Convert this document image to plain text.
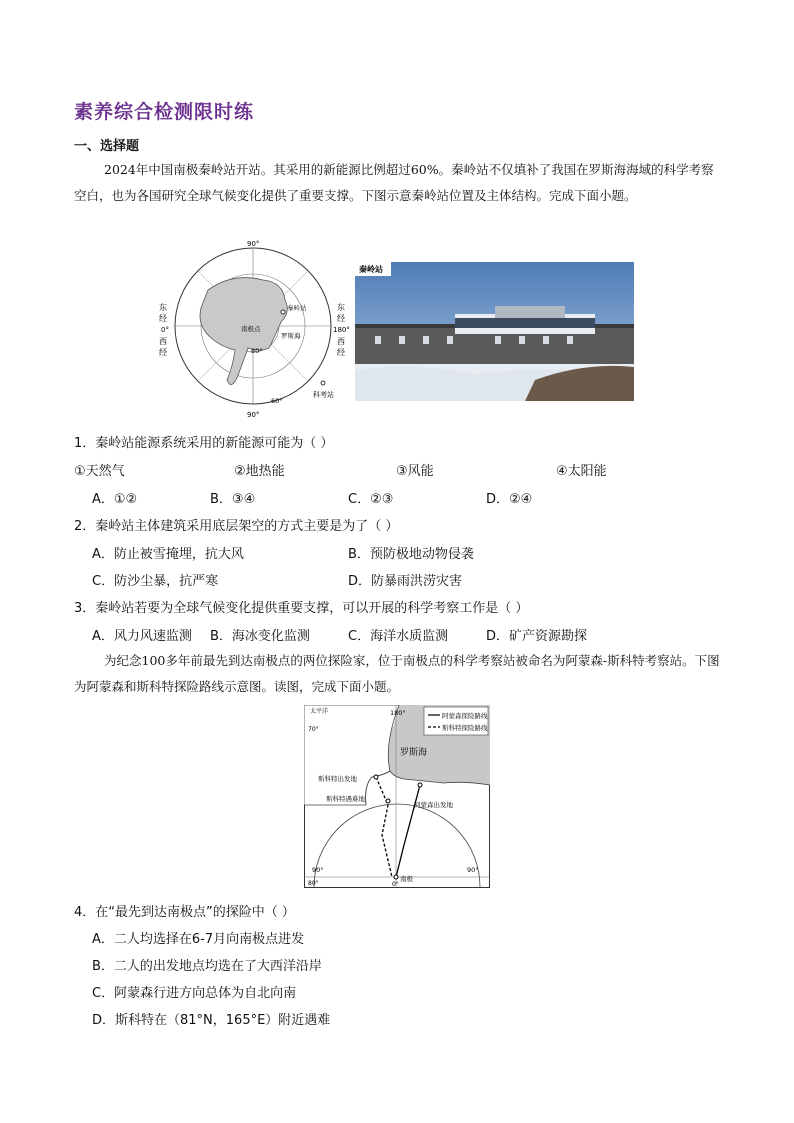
素养综合检测限时练
一、选择题

2024年中国南极秦岭站开站。其采用的新能源比例超过60%。秦岭站不仅填补了我国在罗斯海海域的科学考察空白，也为各国研究全球气候变化提供了重要支撑。下图示意秦岭站位置及主体结构。完成下面小题。

90°
90°
东
经
0°
西
经
东
经
180°
西
经
南极点
秦岭站
罗斯海
80°
60°
科考站
秦岭站
1．秦岭站能源系统采用的新能源可能为（ ）
①天然气	②地热能	③风能	④太阳能
A．①②	B．③④	C．②③	D．②④
2．秦岭站主体建筑采用底层架空的方式主要是为了（ ）
A．防止被雪掩埋，抗大风	B．预防极地动物侵袭
C．防沙尘暴，抗严寒	D．防暴雨洪涝灾害
3．秦岭站若要为全球气候变化提供重要支撑，可以开展的科学考察工作是（ ）
A．风力风速监测 B．海冰变化监测	C．海洋水质监测	D．矿产资源勘探

为纪念100多年前最先到达南极点的两位探险家，位于南极点的科学考察站被命名为阿蒙森-斯科特考察站。下图为阿蒙森和斯科特探险路线示意图。读图，完成下面小题。

阿蒙森探险路线
斯科特探险路线
太平洋
70°
180°
罗斯海
斯科特出发地
阿蒙森出发地
斯科特遇难地
南极
90°	90°
80°	0°
4．在“最先到达南极点”的探险中（ ）
A．二人均选择在6-7月向南极点进发
B．二人的出发地点均选在了大西洋沿岸
C．阿蒙森行进方向总体为自北向南
D．斯科特在（81°N，165°E）附近遇难
